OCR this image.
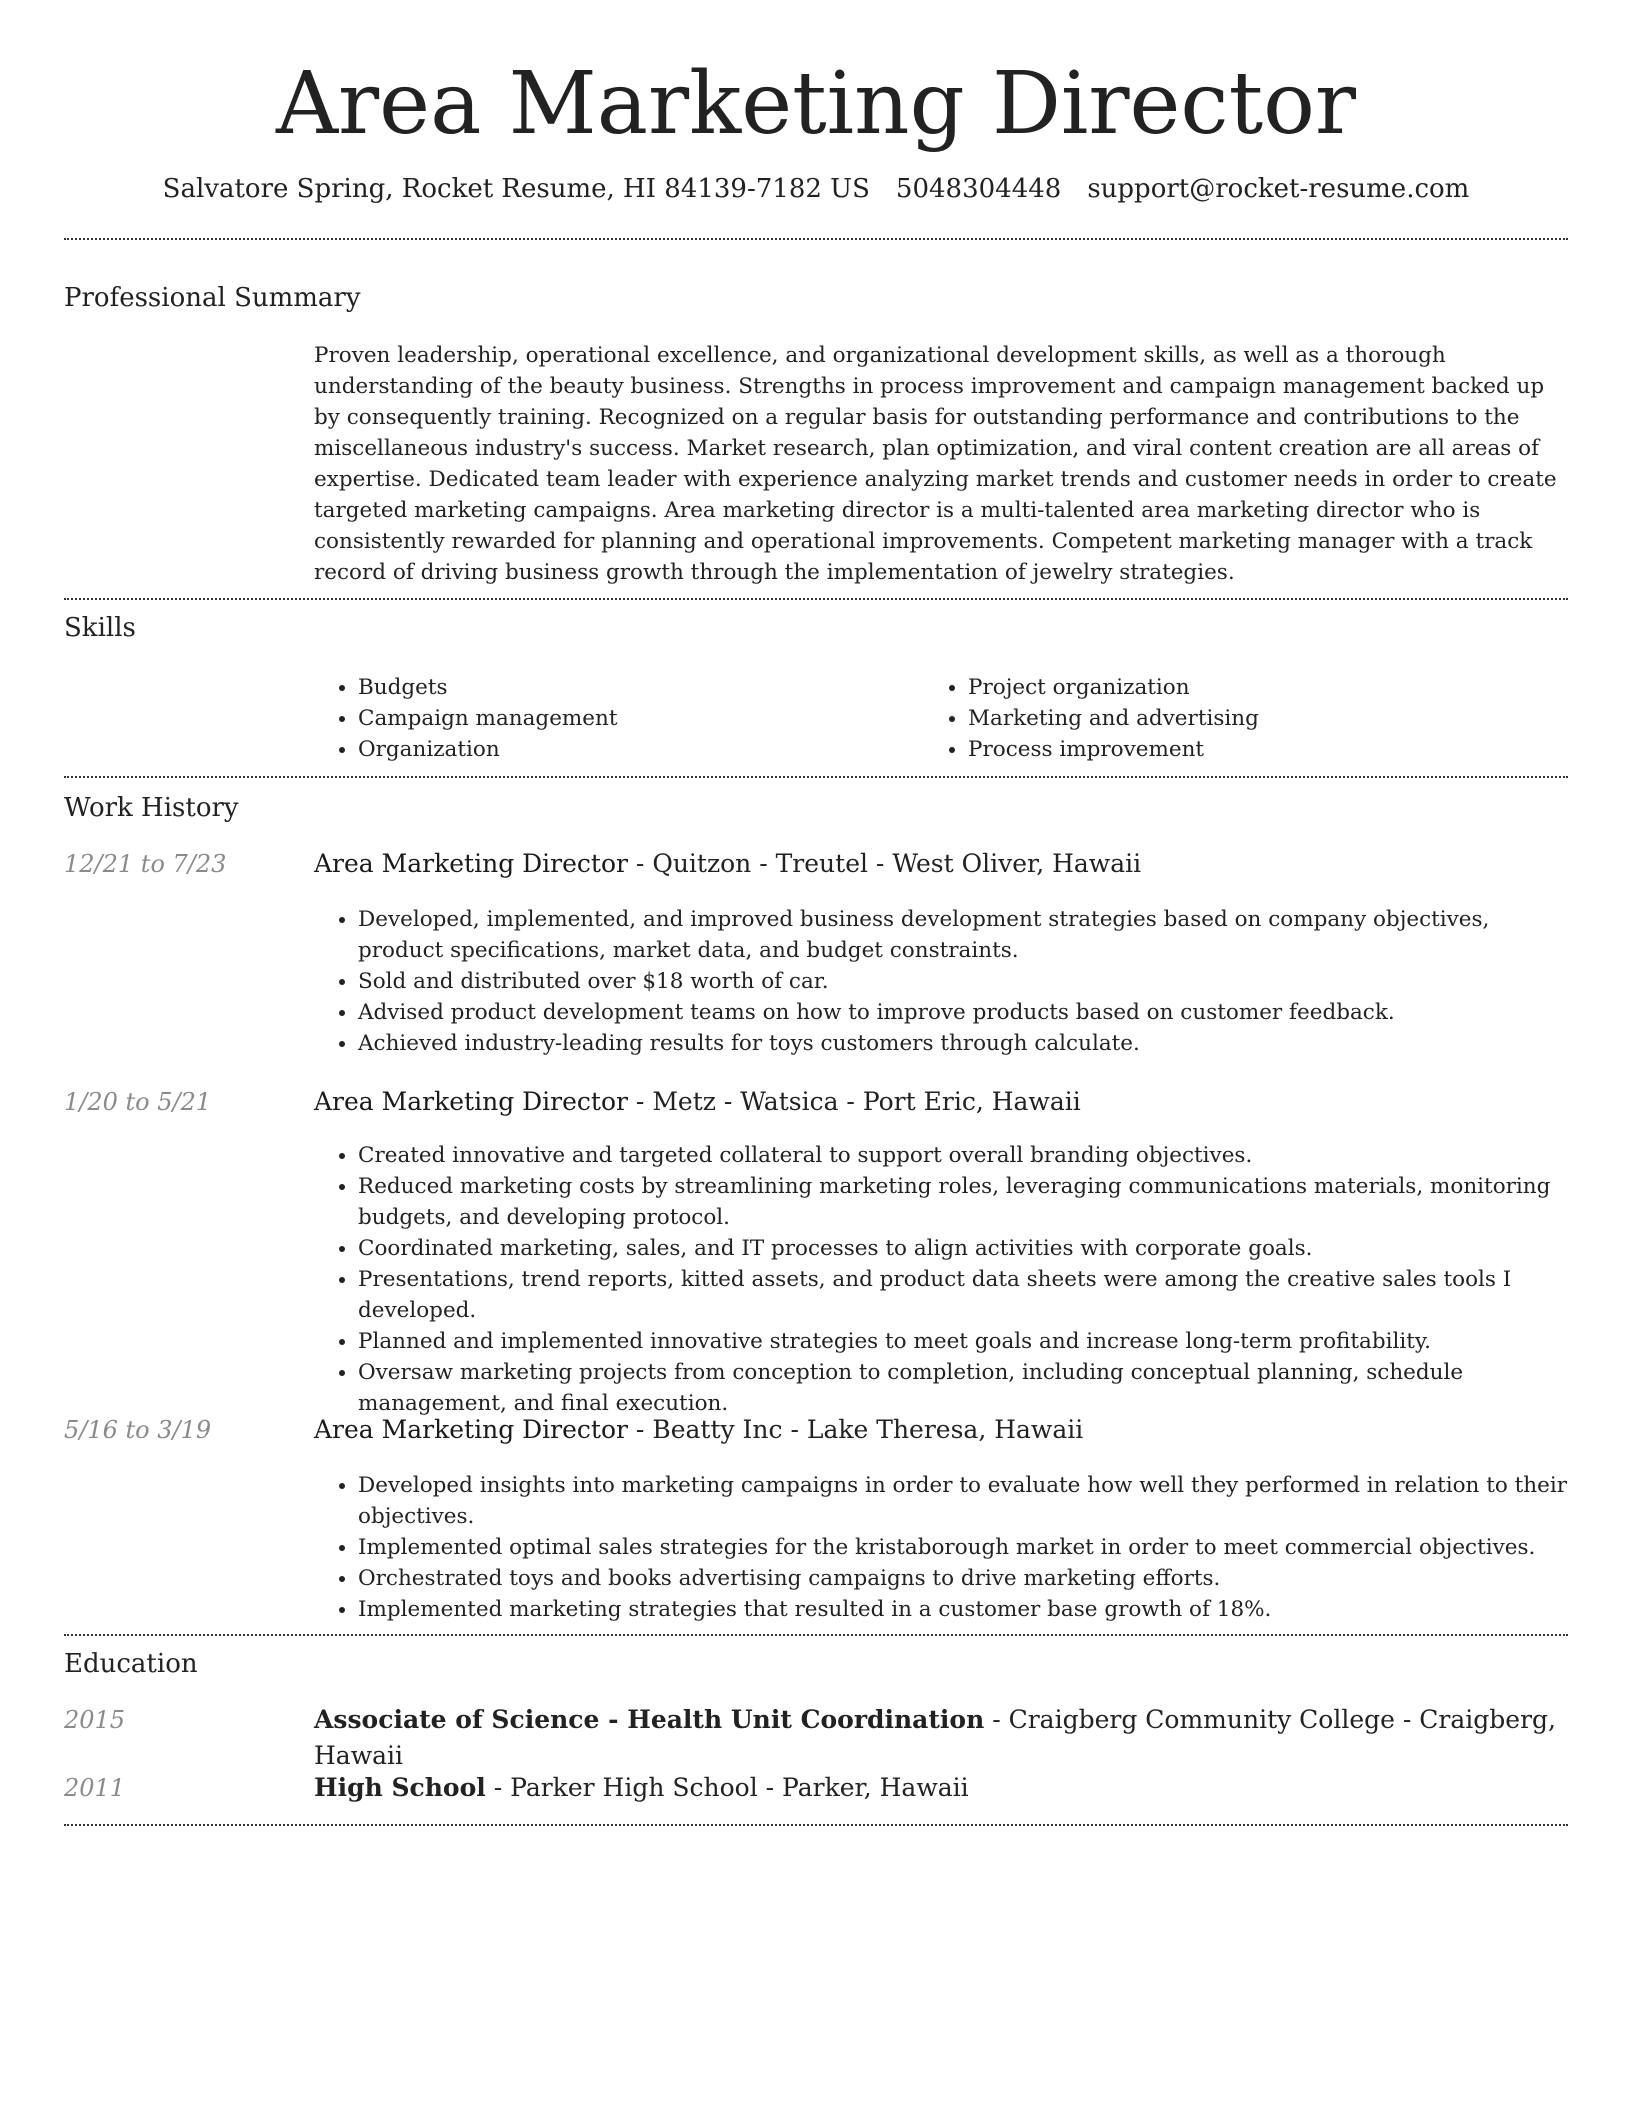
Area Marketing Director
Salvatore Spring, Rocket Resume, HI 84139-7182 US 5048304448 support@rocket-resume.com
Professional Summary

Proven leadership, operational excellence, and organizational development skills, as well as a thorough understanding of the beauty business. Strengths in process improvement and campaign management backed up by consequently training. Recognized on a regular basis for outstanding performance and contributions to the miscellaneous industry's success. Market research, plan optimization, and viral content creation are all areas of expertise. Dedicated team leader with experience analyzing market trends and customer needs in order to create targeted marketing campaigns. Area marketing director is a multi-talented area marketing director who is consistently rewarded for planning and operational improvements. Competent marketing manager with a track record of driving business growth through the implementation of jewelry strategies.

Skills
• Budgets
• Campaign management
• Organization
• Project organization
• Marketing and advertising
• Process improvement
Work History
12/21 to 7/23	Area Marketing Director - Quitzon - Treutel - West Oliver, Hawaii
• Developed, implemented, and improved business development strategies based on company objectives, product specifications, market data, and budget constraints.
• Sold and distributed over $18 worth of car.
• Advised product development teams on how to improve products based on customer feedback.
• Achieved industry-leading results for toys customers through calculate.
1/20 to 5/21	Area Marketing Director - Metz - Watsica - Port Eric, Hawaii
• Created innovative and targeted collateral to support overall branding objectives.
• Reduced marketing costs by streamlining marketing roles, leveraging communications materials, monitoring budgets, and developing protocol.
• Coordinated marketing, sales, and IT processes to align activities with corporate goals.
• Presentations, trend reports, kitted assets, and product data sheets were among the creative sales tools I developed.
• Planned and implemented innovative strategies to meet goals and increase long-term profitability.
• Oversaw marketing projects from conception to completion, including conceptual planning, schedule management, and final execution.
5/16 to 3/19	Area Marketing Director - Beatty Inc - Lake Theresa, Hawaii
• Developed insights into marketing campaigns in order to evaluate how well they performed in relation to their objectives.
• Implemented optimal sales strategies for the kristaborough market in order to meet commercial objectives.
• Orchestrated toys and books advertising campaigns to drive marketing efforts.
• Implemented marketing strategies that resulted in a customer base growth of 18%.
Education
2015	Associate of Science - Health Unit Coordination - Craigberg Community College - Craigberg, Hawaii
2011	High School - Parker High School - Parker, Hawaii
